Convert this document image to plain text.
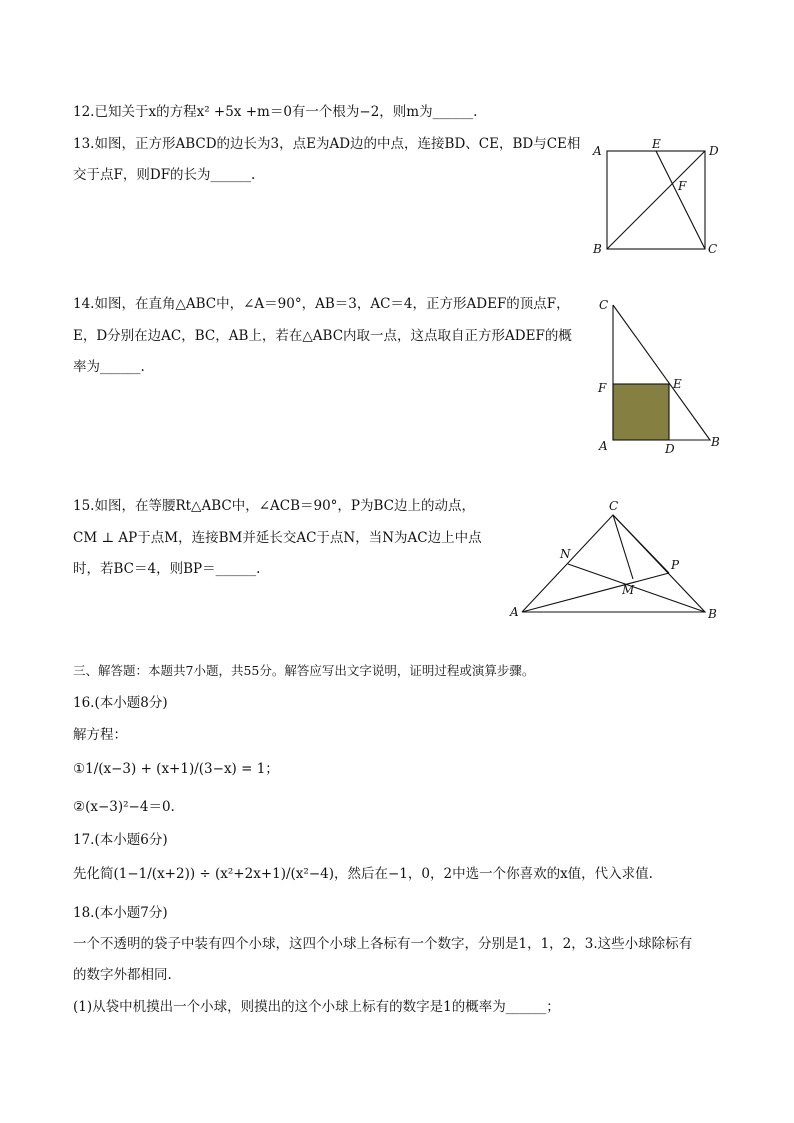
12.已知关于x的方程x² +5x +m＝0有一个根为−2，则m为______.
13.如图，正方形ABCD的边长为3，点E为AD边的中点，连接BD、CE，BD与CE相
交于点F，则DF的长为______.
A	E	D
F
B	C
14.如图，在直角△ABC中，∠A＝90°，AB＝3，AC＝4，正方形ADEF的顶点F，
E，D分别在边AC，BC，AB上，若在△ABC内取一点，这点取自正方形ADEF的概
率为______.
C
F	E
A	D	B
15.如图，在等腰Rt△ABC中，∠ACB＝90°，P为BC边上的动点，
CM ⊥ AP于点M，连接BM并延长交AC于点N，当N为AC边上中点
时，若BC＝4，则BP＝______.
C
N
P
M
A	B
三、解答题：本题共7小题，共55分。解答应写出文字说明，证明过程或演算步骤。
16.(本小题8分)
解方程：
①1/(x−3) + (x+1)/(3−x) = 1；
②(x−3)²−4＝0.
17.(本小题6分)
先化简(1−1/(x+2)) ÷ (x²+2x+1)/(x²−4)，然后在−1，0，2中选一个你喜欢的x值，代入求值.
18.(本小题7分)
一个不透明的袋子中装有四个小球，这四个小球上各标有一个数字，分别是1，1，2，3.这些小球除标有
的数字外都相同.
(1)从袋中机摸出一个小球，则摸出的这个小球上标有的数字是1的概率为______；
